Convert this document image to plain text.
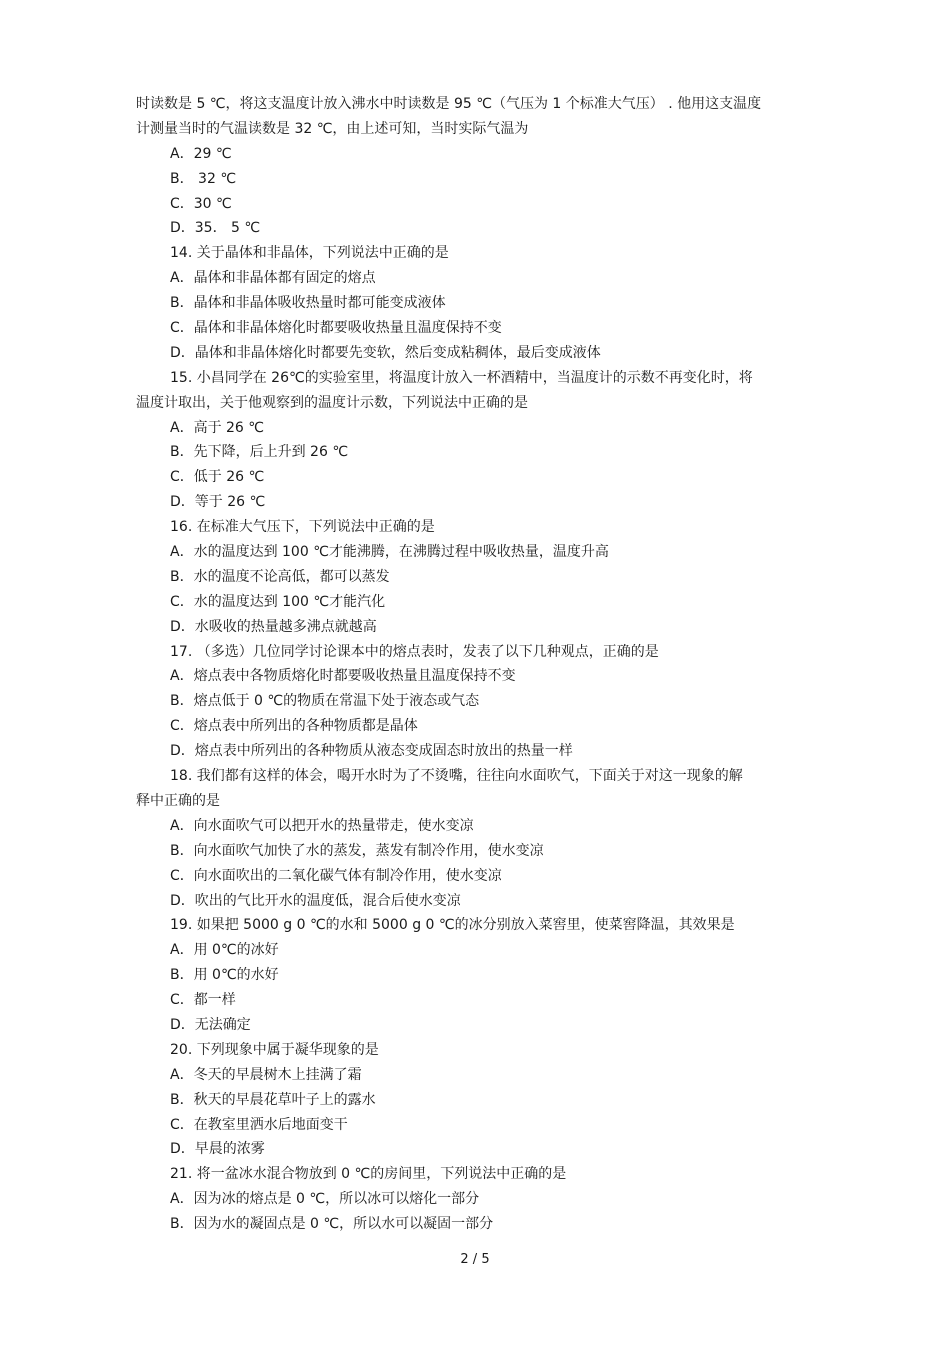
时读数是 5 ℃，将这支温度计放入沸水中时读数是 95 ℃（气压为 1 个标准大气压） . 他用这支温度
计测量当时的气温读数是 32 ℃，由上述可知，当时实际气温为
A．29 ℃
B． 32 ℃
C．30 ℃
D．35． 5 ℃
14. 关于晶体和非晶体，下列说法中正确的是
A．晶体和非晶体都有固定的熔点
B．晶体和非晶体吸收热量时都可能变成液体
C．晶体和非晶体熔化时都要吸收热量且温度保持不变
D．晶体和非晶体熔化时都要先变软，然后变成粘稠体，最后变成液体
15. 小昌同学在 26℃的实验室里，将温度计放入一杯酒精中，当温度计的示数不再变化时，将
温度计取出，关于他观察到的温度计示数，下列说法中正确的是
A．高于 26 ℃
B．先下降，后上升到 26 ℃
C．低于 26 ℃
D．等于 26 ℃
16. 在标准大气压下，下列说法中正确的是
A．水的温度达到 100 ℃才能沸腾，在沸腾过程中吸收热量，温度升高
B．水的温度不论高低，都可以蒸发
C．水的温度达到 100 ℃才能汽化
D．水吸收的热量越多沸点就越高
17. （多选）几位同学讨论课本中的熔点表时，发表了以下几种观点，正确的是
A．熔点表中各物质熔化时都要吸收热量且温度保持不变
B．熔点低于 0 ℃的物质在常温下处于液态或气态
C．熔点表中所列出的各种物质都是晶体
D．熔点表中所列出的各种物质从液态变成固态时放出的热量一样
18. 我们都有这样的体会，喝开水时为了不烫嘴，往往向水面吹气，下面关于对这一现象的解
释中正确的是
A．向水面吹气可以把开水的热量带走，使水变凉
B．向水面吹气加快了水的蒸发，蒸发有制冷作用，使水变凉
C．向水面吹出的二氧化碳气体有制冷作用，使水变凉
D．吹出的气比开水的温度低，混合后使水变凉
19. 如果把 5000 g 0 ℃的水和 5000 g 0 ℃的冰分别放入菜窖里，使菜窖降温，其效果是
A．用 0℃的冰好
B．用 0℃的水好
C．都一样
D．无法确定
20. 下列现象中属于凝华现象的是
A．冬天的早晨树木上挂满了霜
B．秋天的早晨花草叶子上的露水
C．在教室里洒水后地面变干
D．早晨的浓雾
21. 将一盆冰水混合物放到 0 ℃的房间里，下列说法中正确的是
A．因为冰的熔点是 0 ℃，所以冰可以熔化一部分
B．因为水的凝固点是 0 ℃，所以水可以凝固一部分
2 / 5
